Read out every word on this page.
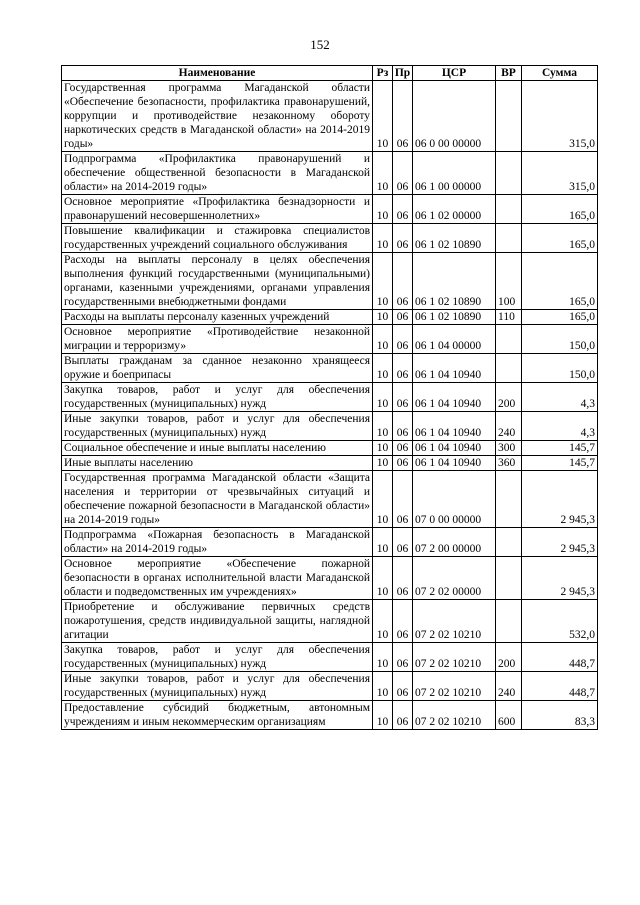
152
Наименование	Рз	Пр	ЦСР	ВР	Сумма
Государственная программа Магаданской области «Обеспечение безопасности, профилактика правонарушений, коррупции и противодействие незаконному обороту наркотических средств в Магаданской области» на 2014-2019 годы»	10	06	06 0 00 00000		315,0
Подпрограмма «Профилактика правонарушений и обеспечение общественной безопасности в Магаданской области» на 2014-2019 годы»	10	06	06 1 00 00000		315,0
Основное мероприятие «Профилактика безнадзорности и правонарушений несовершеннолетних»	10	06	06 1 02 00000		165,0
Повышение квалификации и стажировка специалистов государственных учреждений социального обслуживания	10	06	06 1 02 10890		165,0
Расходы на выплаты персоналу в целях обеспечения выполнения функций государственными (муниципальными) органами, казенными учреждениями, органами управления государственными внебюджетными фондами	10	06	06 1 02 10890	100	165,0
Расходы на выплаты персоналу казенных учреждений	10	06	06 1 02 10890	110	165,0
Основное мероприятие «Противодействие незаконной миграции и терроризму»	10	06	06 1 04 00000		150,0
Выплаты гражданам за сданное незаконно хранящееся оружие и боеприпасы	10	06	06 1 04 10940		150,0
Закупка товаров, работ и услуг для обеспечения государственных (муниципальных) нужд	10	06	06 1 04 10940	200	4,3
Иные закупки товаров, работ и услуг для обеспечения государственных (муниципальных) нужд	10	06	06 1 04 10940	240	4,3
Социальное обеспечение и иные выплаты населению	10	06	06 1 04 10940	300	145,7
Иные выплаты населению	10	06	06 1 04 10940	360	145,7
Государственная программа Магаданской области «Защита населения и территории от чрезвычайных ситуаций и обеспечение пожарной безопасности в Магаданской области» на 2014-2019 годы»	10	06	07 0 00 00000		2 945,3
Подпрограмма «Пожарная безопасность в Магаданской области» на 2014-2019 годы»	10	06	07 2 00 00000		2 945,3
Основное мероприятие «Обеспечение пожарной безопасности в органах исполнительной власти Магаданской области и подведомственных им учреждениях»	10	06	07 2 02 00000		2 945,3
Приобретение и обслуживание первичных средств пожаротушения, средств индивидуальной защиты, наглядной агитации	10	06	07 2 02 10210		532,0
Закупка товаров, работ и услуг для обеспечения государственных (муниципальных) нужд	10	06	07 2 02 10210	200	448,7
Иные закупки товаров, работ и услуг для обеспечения государственных (муниципальных) нужд	10	06	07 2 02 10210	240	448,7
Предоставление субсидий бюджетным, автономным учреждениям и иным некоммерческим организациям	10	06	07 2 02 10210	600	83,3
